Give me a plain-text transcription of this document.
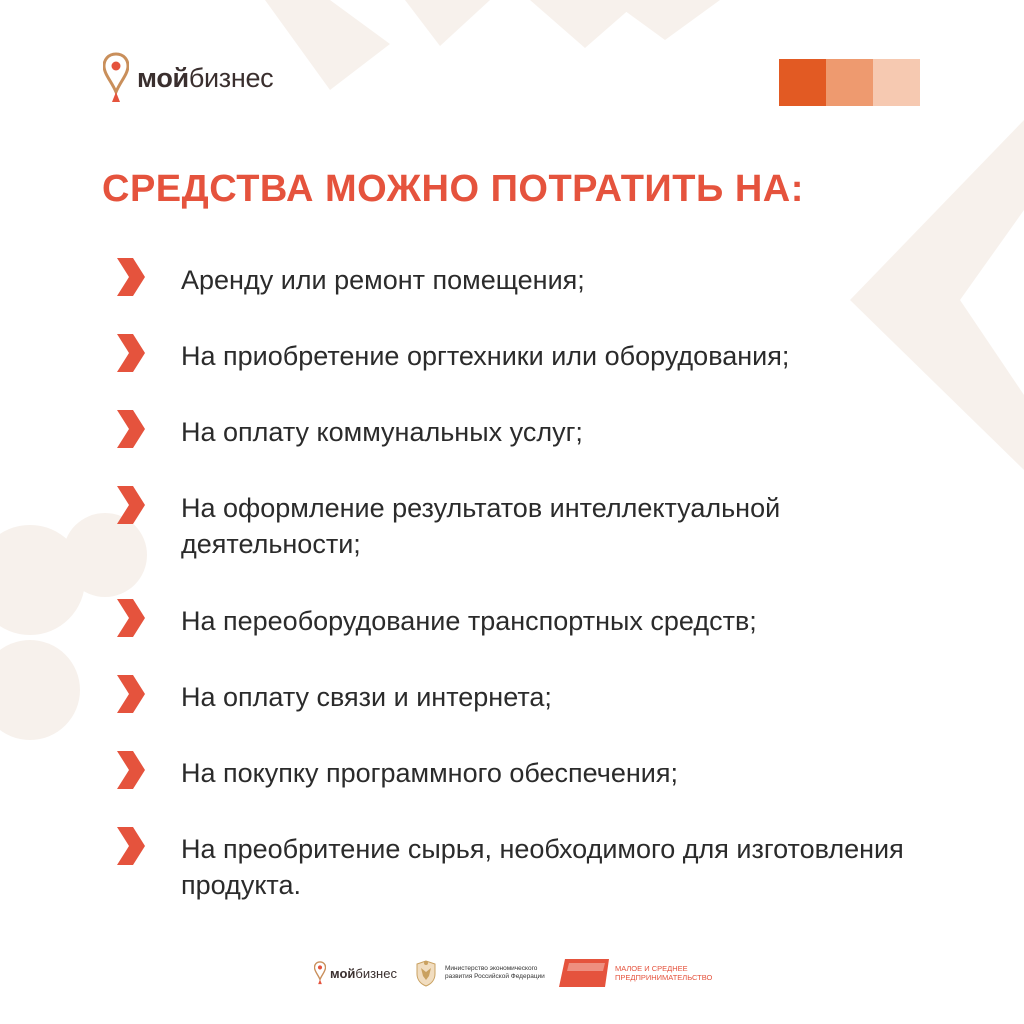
мойбизнес
СРЕДСТВА МОЖНО ПОТРАТИТЬ НА:
Аренду или ремонт помещения;
На приобретение оргтехники или оборудования;
На оплату коммунальных услуг;
На оформление результатов интеллектуальной деятельности;
На переоборудование транспортных средств;
На оплату связи и интернета;
На покупку программного обеспечения;
На преобритение сырья, необходимого для изготовления продукта.
мойбизнес	Министерство экономического развития Российской Федерации
МАЛОЕ И СРЕДНЕЕ ПРЕДПРИНИМАТЕЛЬСТВО
